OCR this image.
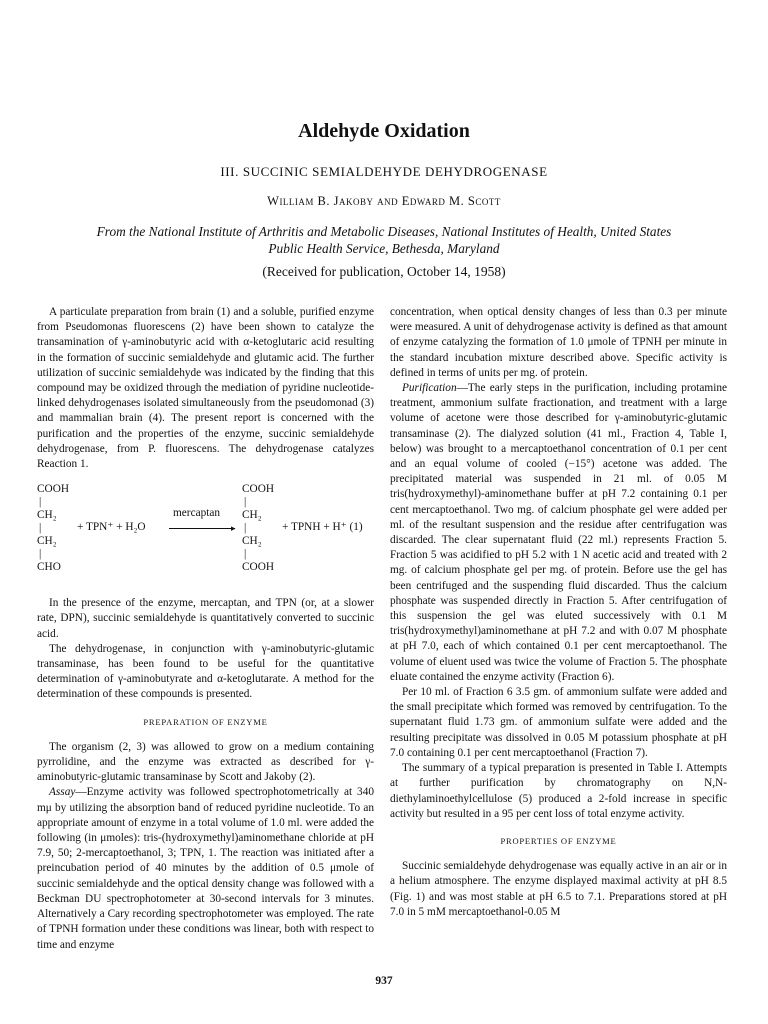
Aldehyde Oxidation
III. SUCCINIC SEMIALDEHYDE DEHYDROGENASE
William B. Jakoby and Edward M. Scott
From the National Institute of Arthritis and Metabolic Diseases, National Institutes of Health, United States Public Health Service, Bethesda, Maryland
(Received for publication, October 14, 1958)

A particulate preparation from brain (1) and a soluble, purified enzyme from Pseudomonas fluorescens (2) have been shown to catalyze the transamination of γ-aminobutyric acid with α-ketoglutaric acid resulting in the formation of succinic semialdehyde and glutamic acid. The further utilization of succinic semialdehyde was indicated by the finding that this compound may be oxidized through the mediation of pyridine nucleotide-linked dehydrogenases isolated simultaneously from the pseudomonad (3) and mammalian brain (4). The present report is concerned with the purification and the properties of the enzyme, succinic semialdehyde dehydrogenase, from P. fluorescens. The dehydrogenase catalyzes Reaction 1.

COOH
|
CH₂
|
CH₂
|
CHO
+ TPN⁺ + H₂O
mercaptan
▸
COOH
|
CH₂
|
CH₂
|
COOH
+ TPNH + H⁺ (1)

In the presence of the enzyme, mercaptan, and TPN (or, at a slower rate, DPN), succinic semialdehyde is quantitatively converted to succinic acid.

The dehydrogenase, in conjunction with γ-aminobutyric-glutamic transaminase, has been found to be useful for the quantitative determination of γ-aminobutyrate and α-ketoglutarate. A method for the determination of these compounds is presented.

PREPARATION OF ENZYME

The organism (2, 3) was allowed to grow on a medium containing pyrrolidine, and the enzyme was extracted as described for γ-aminobutyric-glutamic transaminase by Scott and Jakoby (2).

Assay—Enzyme activity was followed spectrophotometrically at 340 mμ by utilizing the absorption band of reduced pyridine nucleotide. To an appropriate amount of enzyme in a total volume of 1.0 ml. were added the following (in μmoles): tris-(hydroxymethyl)aminomethane chloride at pH 7.9, 50; 2-mercaptoethanol, 3; TPN, 1. The reaction was initiated after a preincubation period of 40 minutes by the addition of 0.5 μmole of succinic semialdehyde and the optical density change was followed with a Beckman DU spectrophotometer at 30-second intervals for 3 minutes. Alternatively a Cary recording spectrophotometer was employed. The rate of TPNH formation under these conditions was linear, both with respect to time and enzyme

concentration, when optical density changes of less than 0.3 per minute were measured. A unit of dehydrogenase activity is defined as that amount of enzyme catalyzing the formation of 1.0 μmole of TPNH per minute in the standard incubation mixture described above. Specific activity is defined in terms of units per mg. of protein.

Purification—The early steps in the purification, including protamine treatment, ammonium sulfate fractionation, and treatment with a large volume of acetone were those described for γ-aminobutyric-glutamic transaminase (2). The dialyzed solution (41 ml., Fraction 4, Table I, below) was brought to a mercaptoethanol concentration of 0.1 per cent and an equal volume of cooled (−15°) acetone was added. The precipitated material was suspended in 21 ml. of 0.05 M tris(hydroxymethyl)-aminomethane buffer at pH 7.2 containing 0.1 per cent mercaptoethanol. Two mg. of calcium phosphate gel were added per ml. of the resultant suspension and the residue after centrifugation was discarded. The clear supernatant fluid (22 ml.) represents Fraction 5. Fraction 5 was acidified to pH 5.2 with 1 N acetic acid and treated with 2 mg. of calcium phosphate gel per mg. of protein. Before use the gel has been centrifuged and the suspending fluid discarded. Thus the calcium phosphate was suspended directly in Fraction 5. After centrifugation of this suspension the gel was eluted successively with 0.1 M tris(hydroxymethyl)aminomethane at pH 7.2 and with 0.07 M phosphate at pH 7.0, each of which contained 0.1 per cent mercaptoethanol. The volume of eluent used was twice the volume of Fraction 5. The phosphate eluate contained the enzyme activity (Fraction 6).

Per 10 ml. of Fraction 6 3.5 gm. of ammonium sulfate were added and the small precipitate which formed was removed by centrifugation. To the supernatant fluid 1.73 gm. of ammonium sulfate were added and the resulting precipitate was dissolved in 0.05 M potassium phosphate at pH 7.0 containing 0.1 per cent mercaptoethanol (Fraction 7).

The summary of a typical preparation is presented in Table I. Attempts at further purification by chromatography on N,N-diethylaminoethylcellulose (5) produced a 2-fold increase in specific activity but resulted in a 95 per cent loss of total enzyme activity.

PROPERTIES OF ENZYME

Succinic semialdehyde dehydrogenase was equally active in an air or in a helium atmosphere. The enzyme displayed maximal activity at pH 8.5 (Fig. 1) and was most stable at pH 6.5 to 7.1. Preparations stored at pH 7.0 in 5 mM mercaptoethanol-0.05 M

937
